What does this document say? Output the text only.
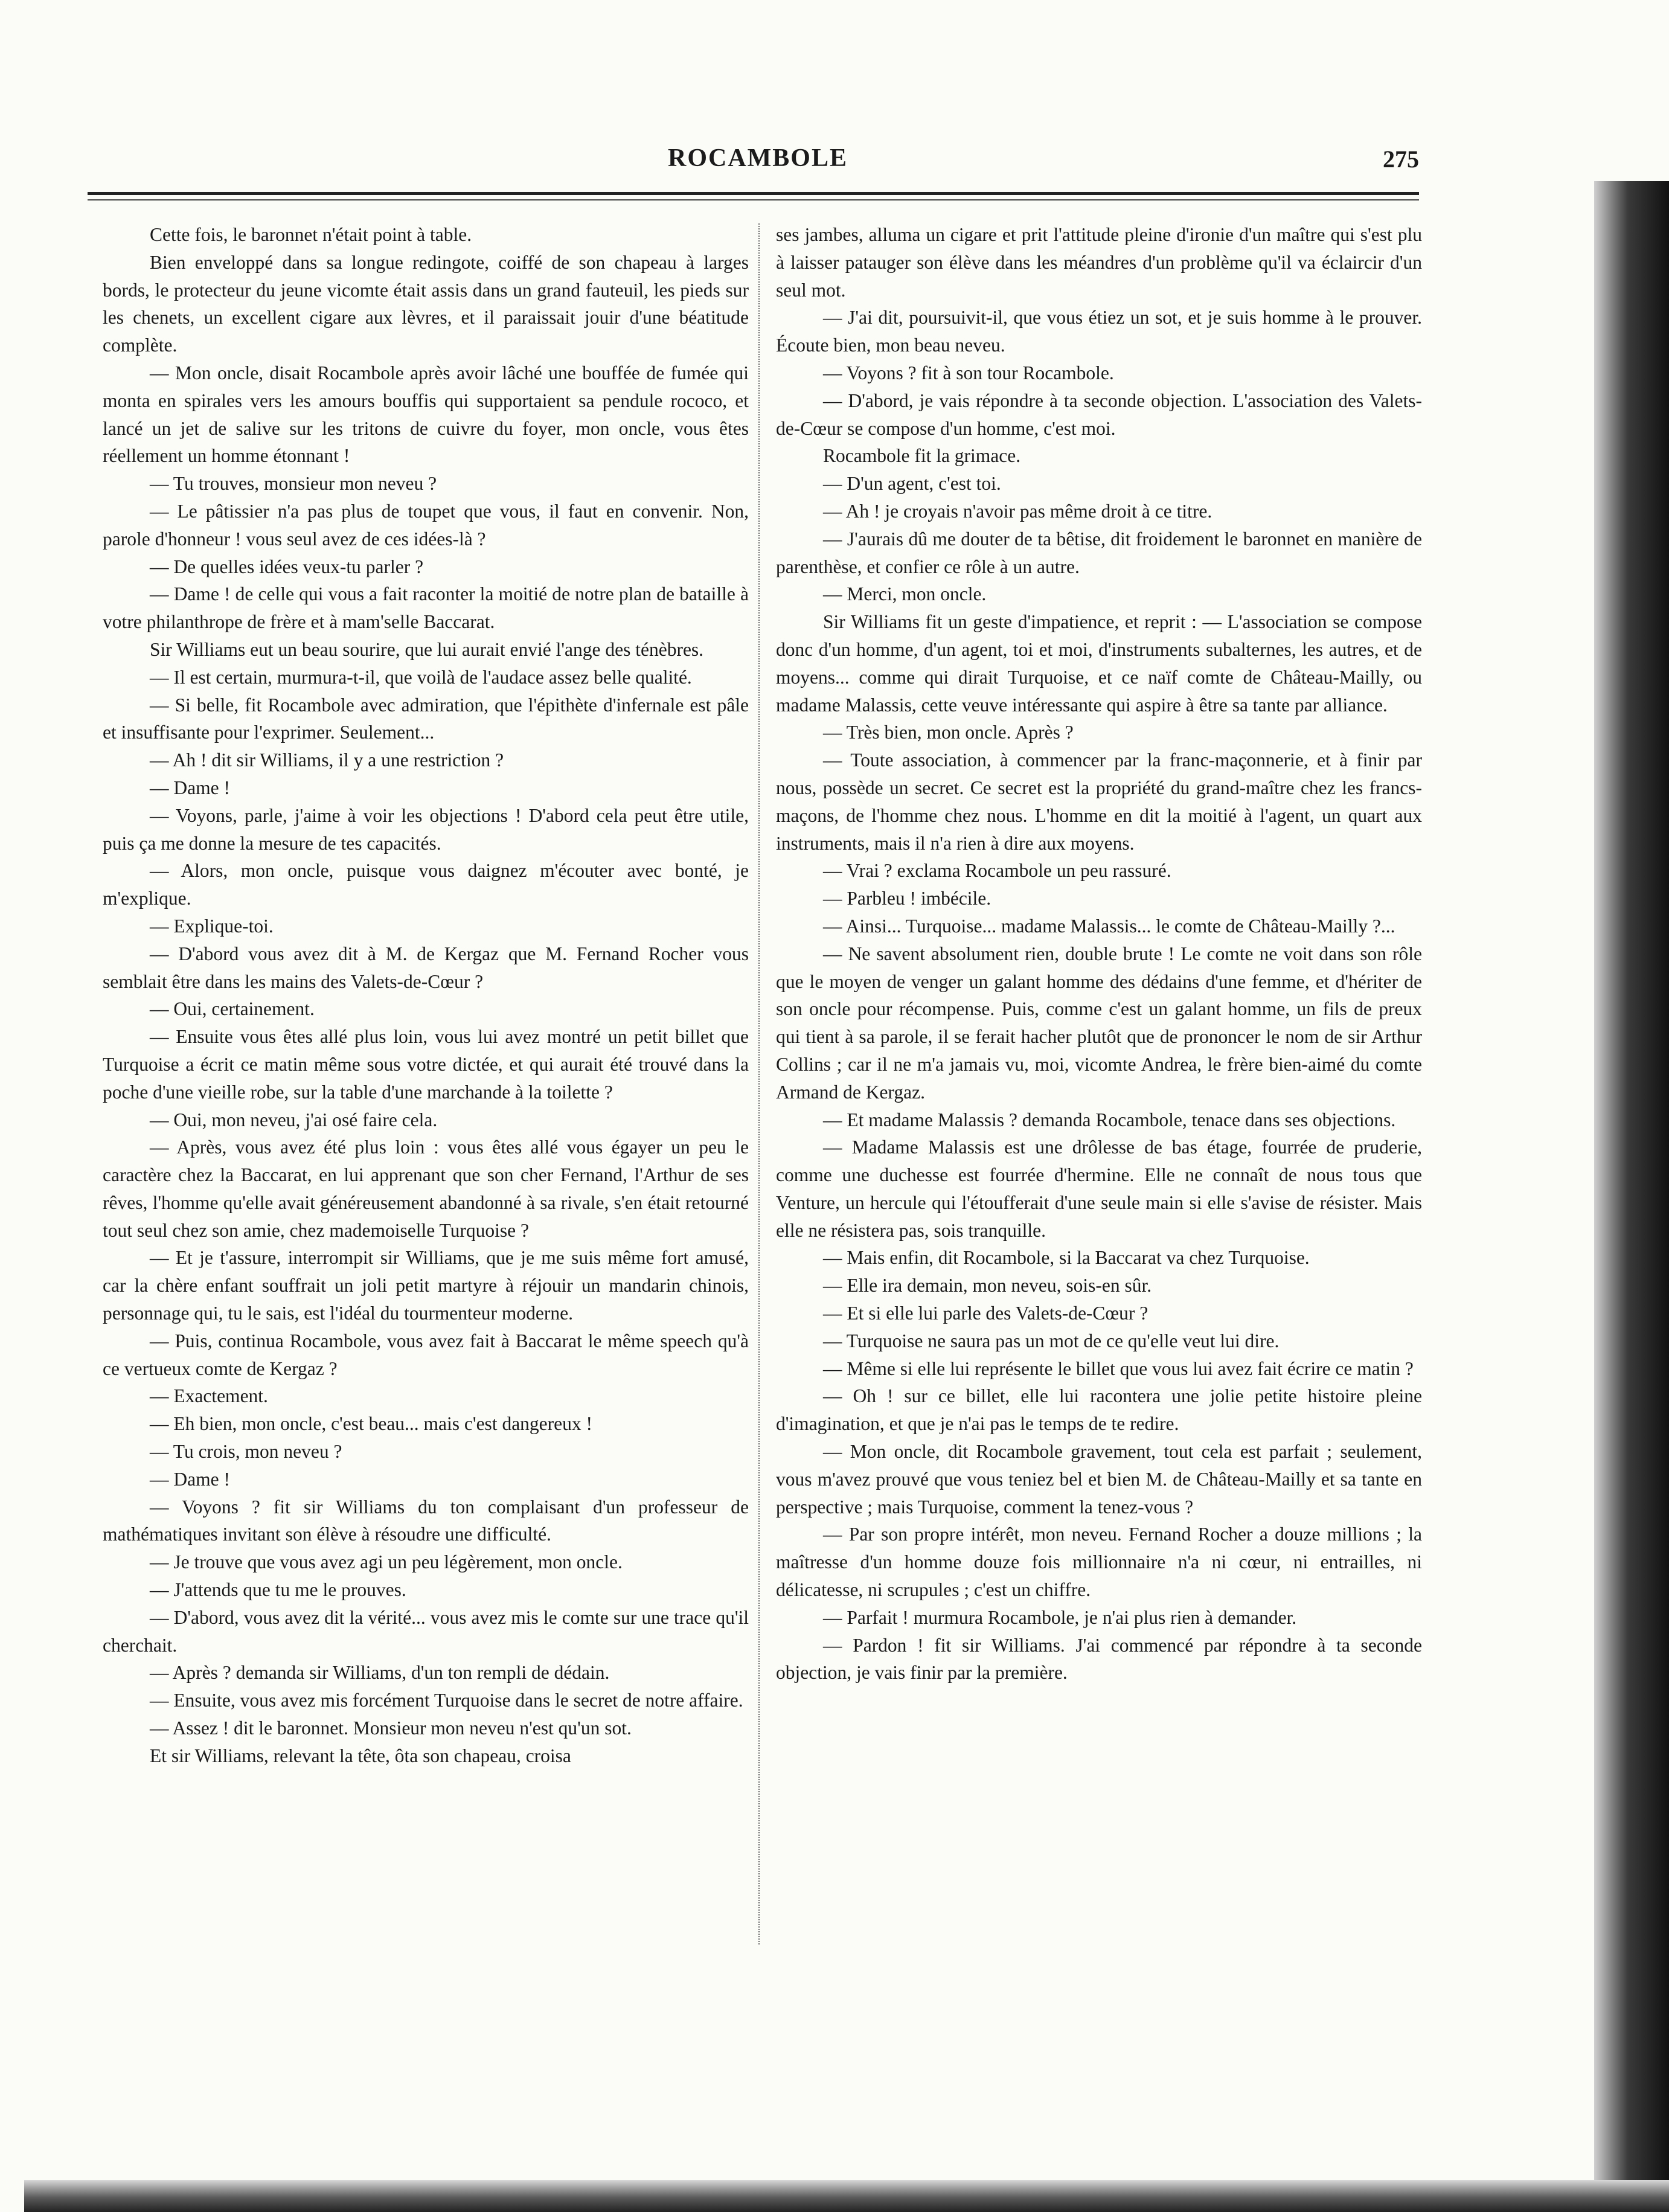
ROCAMBOLE	275

Cette fois, le baronnet n'était point à table.

Bien enveloppé dans sa longue redingote, coiffé de son chapeau à larges bords, le protecteur du jeune vicomte était assis dans un grand fauteuil, les pieds sur les chenets, un excellent cigare aux lèvres, et il paraissait jouir d'une béatitude complète.

— Mon oncle, disait Rocambole après avoir lâché une bouffée de fumée qui monta en spirales vers les amours bouffis qui supportaient sa pendule rococo, et lancé un jet de salive sur les tritons de cuivre du foyer, mon oncle, vous êtes réellement un homme étonnant !

— Tu trouves, monsieur mon neveu ?

— Le pâtissier n'a pas plus de toupet que vous, il faut en convenir. Non, parole d'honneur ! vous seul avez de ces idées-là ?

— De quelles idées veux-tu parler ?

— Dame ! de celle qui vous a fait raconter la moitié de notre plan de bataille à votre philanthrope de frère et à mam'selle Baccarat.

Sir Williams eut un beau sourire, que lui aurait envié l'ange des ténèbres.

— Il est certain, murmura-t-il, que voilà de l'audace assez belle qualité.

— Si belle, fit Rocambole avec admiration, que l'épithète d'infernale est pâle et insuffisante pour l'exprimer. Seulement...

— Ah ! dit sir Williams, il y a une restriction ?

— Dame !

— Voyons, parle, j'aime à voir les objections ! D'abord cela peut être utile, puis ça me donne la mesure de tes capacités.

— Alors, mon oncle, puisque vous daignez m'écouter avec bonté, je m'explique.

— Explique-toi.

— D'abord vous avez dit à M. de Kergaz que M. Fernand Rocher vous semblait être dans les mains des Valets-de-Cœur ?

— Oui, certainement.

— Ensuite vous êtes allé plus loin, vous lui avez montré un petit billet que Turquoise a écrit ce matin même sous votre dictée, et qui aurait été trouvé dans la poche d'une vieille robe, sur la table d'une marchande à la toilette ?

— Oui, mon neveu, j'ai osé faire cela.

— Après, vous avez été plus loin : vous êtes allé vous égayer un peu le caractère chez la Baccarat, en lui apprenant que son cher Fernand, l'Arthur de ses rêves, l'homme qu'elle avait généreusement abandonné à sa rivale, s'en était retourné tout seul chez son amie, chez mademoiselle Turquoise ?

— Et je t'assure, interrompit sir Williams, que je me suis même fort amusé, car la chère enfant souffrait un joli petit martyre à réjouir un mandarin chinois, personnage qui, tu le sais, est l'idéal du tourmenteur moderne.

— Puis, continua Rocambole, vous avez fait à Baccarat le même speech qu'à ce vertueux comte de Kergaz ?

— Exactement.

— Eh bien, mon oncle, c'est beau... mais c'est dangereux !

— Tu crois, mon neveu ?

— Dame !

— Voyons ? fit sir Williams du ton complaisant d'un professeur de mathématiques invitant son élève à résoudre une difficulté.

— Je trouve que vous avez agi un peu légèrement, mon oncle.

— J'attends que tu me le prouves.

— D'abord, vous avez dit la vérité... vous avez mis le comte sur une trace qu'il cherchait.

— Après ? demanda sir Williams, d'un ton rempli de dédain.

— Ensuite, vous avez mis forcément Turquoise dans le secret de notre affaire.

— Assez ! dit le baronnet. Monsieur mon neveu n'est qu'un sot.

Et sir Williams, relevant la tête, ôta son chapeau, croisa

ses jambes, alluma un cigare et prit l'attitude pleine d'ironie d'un maître qui s'est plu à laisser patauger son élève dans les méandres d'un problème qu'il va éclaircir d'un seul mot.

— J'ai dit, poursuivit-il, que vous étiez un sot, et je suis homme à le prouver. Écoute bien, mon beau neveu.

— Voyons ? fit à son tour Rocambole.

— D'abord, je vais répondre à ta seconde objection. L'association des Valets-de-Cœur se compose d'un homme, c'est moi.

Rocambole fit la grimace.

— D'un agent, c'est toi.

— Ah ! je croyais n'avoir pas même droit à ce titre.

— J'aurais dû me douter de ta bêtise, dit froidement le baronnet en manière de parenthèse, et confier ce rôle à un autre.

— Merci, mon oncle.

Sir Williams fit un geste d'impatience, et reprit : — L'association se compose donc d'un homme, d'un agent, toi et moi, d'instruments subalternes, les autres, et de moyens... comme qui dirait Turquoise, et ce naïf comte de Château-Mailly, ou madame Malassis, cette veuve intéressante qui aspire à être sa tante par alliance.

— Très bien, mon oncle. Après ?

— Toute association, à commencer par la franc-maçonnerie, et à finir par nous, possède un secret. Ce secret est la propriété du grand-maître chez les francs-maçons, de l'homme chez nous. L'homme en dit la moitié à l'agent, un quart aux instruments, mais il n'a rien à dire aux moyens.

— Vrai ? exclama Rocambole un peu rassuré.

— Parbleu ! imbécile.

— Ainsi... Turquoise... madame Malassis... le comte de Château-Mailly ?...

— Ne savent absolument rien, double brute ! Le comte ne voit dans son rôle que le moyen de venger un galant homme des dédains d'une femme, et d'hériter de son oncle pour récompense. Puis, comme c'est un galant homme, un fils de preux qui tient à sa parole, il se ferait hacher plutôt que de prononcer le nom de sir Arthur Collins ; car il ne m'a jamais vu, moi, vicomte Andrea, le frère bien-aimé du comte Armand de Kergaz.

— Et madame Malassis ? demanda Rocambole, tenace dans ses objections.

— Madame Malassis est une drôlesse de bas étage, fourrée de pruderie, comme une duchesse est fourrée d'hermine. Elle ne connaît de nous tous que Venture, un hercule qui l'étoufferait d'une seule main si elle s'avise de résister. Mais elle ne résistera pas, sois tranquille.

— Mais enfin, dit Rocambole, si la Baccarat va chez Turquoise.

— Elle ira demain, mon neveu, sois-en sûr.

— Et si elle lui parle des Valets-de-Cœur ?

— Turquoise ne saura pas un mot de ce qu'elle veut lui dire.

— Même si elle lui représente le billet que vous lui avez fait écrire ce matin ?

— Oh ! sur ce billet, elle lui racontera une jolie petite histoire pleine d'imagination, et que je n'ai pas le temps de te redire.

— Mon oncle, dit Rocambole gravement, tout cela est parfait ; seulement, vous m'avez prouvé que vous teniez bel et bien M. de Château-Mailly et sa tante en perspective ; mais Turquoise, comment la tenez-vous ?

— Par son propre intérêt, mon neveu. Fernand Rocher a douze millions ; la maîtresse d'un homme douze fois millionnaire n'a ni cœur, ni entrailles, ni délicatesse, ni scrupules ; c'est un chiffre.

— Parfait ! murmura Rocambole, je n'ai plus rien à demander.

— Pardon ! fit sir Williams. J'ai commencé par répondre à ta seconde objection, je vais finir par la première.
